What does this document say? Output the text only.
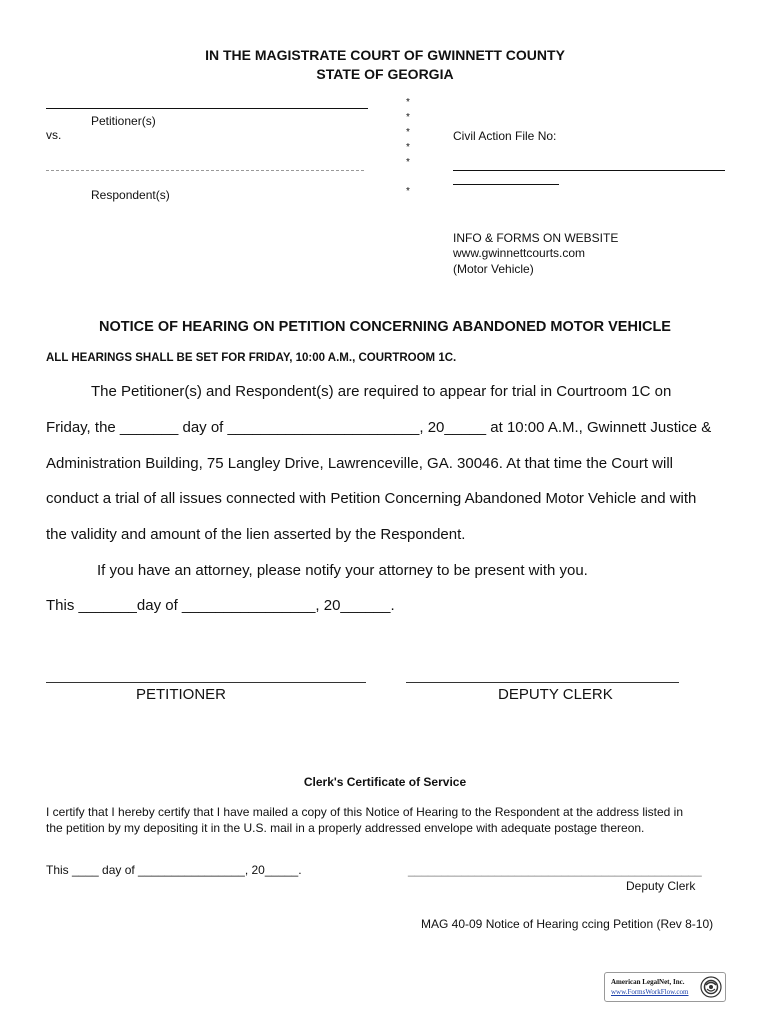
IN THE MAGISTRATE COURT OF GWINNETT COUNTY
STATE OF GEORGIA
Petitioner(s)
vs.
Respondent(s)
*
*
*
*
*
*
Civil Action File No:
INFO & FORMS ON WEBSITE
www.gwinnettcourts.com
(Motor Vehicle)
NOTICE OF HEARING ON PETITION CONCERNING ABANDONED MOTOR VEHICLE
ALL HEARINGS SHALL BE SET FOR FRIDAY, 10:00 A.M., COURTROOM 1C.
The Petitioner(s) and Respondent(s) are required to appear for trial in Courtroom 1C on
Friday, the _______ day of _______________________, 20_____ at 10:00 A.M., Gwinnett Justice &
Administration Building, 75 Langley Drive, Lawrenceville, GA. 30046. At that time the Court will
conduct a trial of all issues connected with Petition Concerning Abandoned Motor Vehicle and with
the validity and amount of the lien asserted by the Respondent.
If you have an attorney, please notify your attorney to be present with you.
This _______day of ________________, 20______.
PETITIONER	DEPUTY CLERK
Clerk's Certificate of Service
I certify that I hereby certify that I have mailed a copy of this Notice of Hearing to the Respondent at the address listed in
the petition by my depositing it in the U.S. mail in a properly addressed envelope with adequate postage thereon.
This ____ day of ________________, 20_____.	____________________________________________
Deputy Clerk
MAG 40-09 Notice of Hearing ccing Petition (Rev 8-10)
American LegalNet, Inc.
www.FormsWorkFlow.com
